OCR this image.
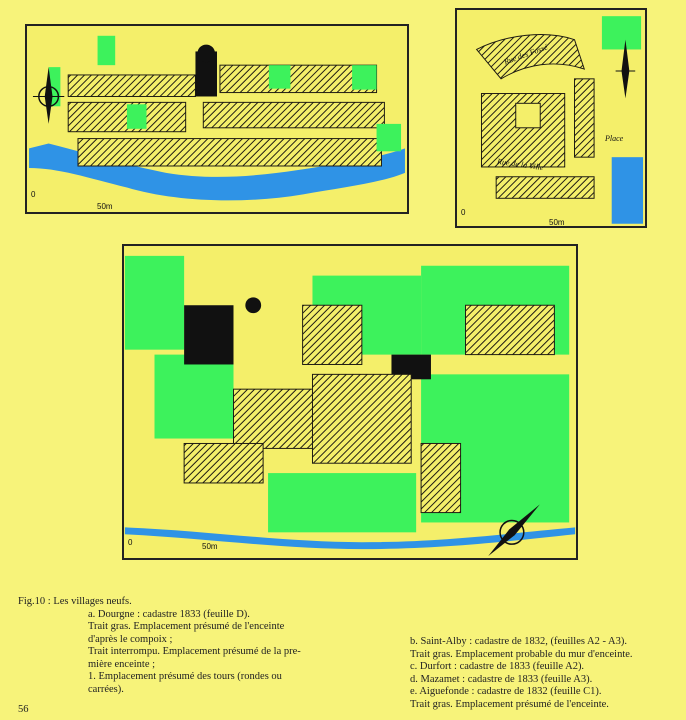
0
50m
Rue des Fossé
Rue de la Ville
Place
0
50m
0	50m
Fig.10 : Les villages neufs.
a. Dourgne : cadastre 1833 (feuille D).
Trait gras. Emplacement présumé de l'enceinte
d'après le compoix ;
Trait interrompu. Emplacement présumé de la pre-
mière enceinte ;
1. Emplacement présumé des tours (rondes ou
carrées).
b. Saint-Alby : cadastre de 1832, (feuilles A2 - A3).
Trait gras. Emplacement probable du mur d'enceinte.
c. Durfort : cadastre de 1833 (feuille A2).
d. Mazamet : cadastre de 1833 (feuille A3).
e. Aiguefonde : cadastre de 1832 (feuille C1).
Trait gras. Emplacement présumé de l'enceinte.
56
